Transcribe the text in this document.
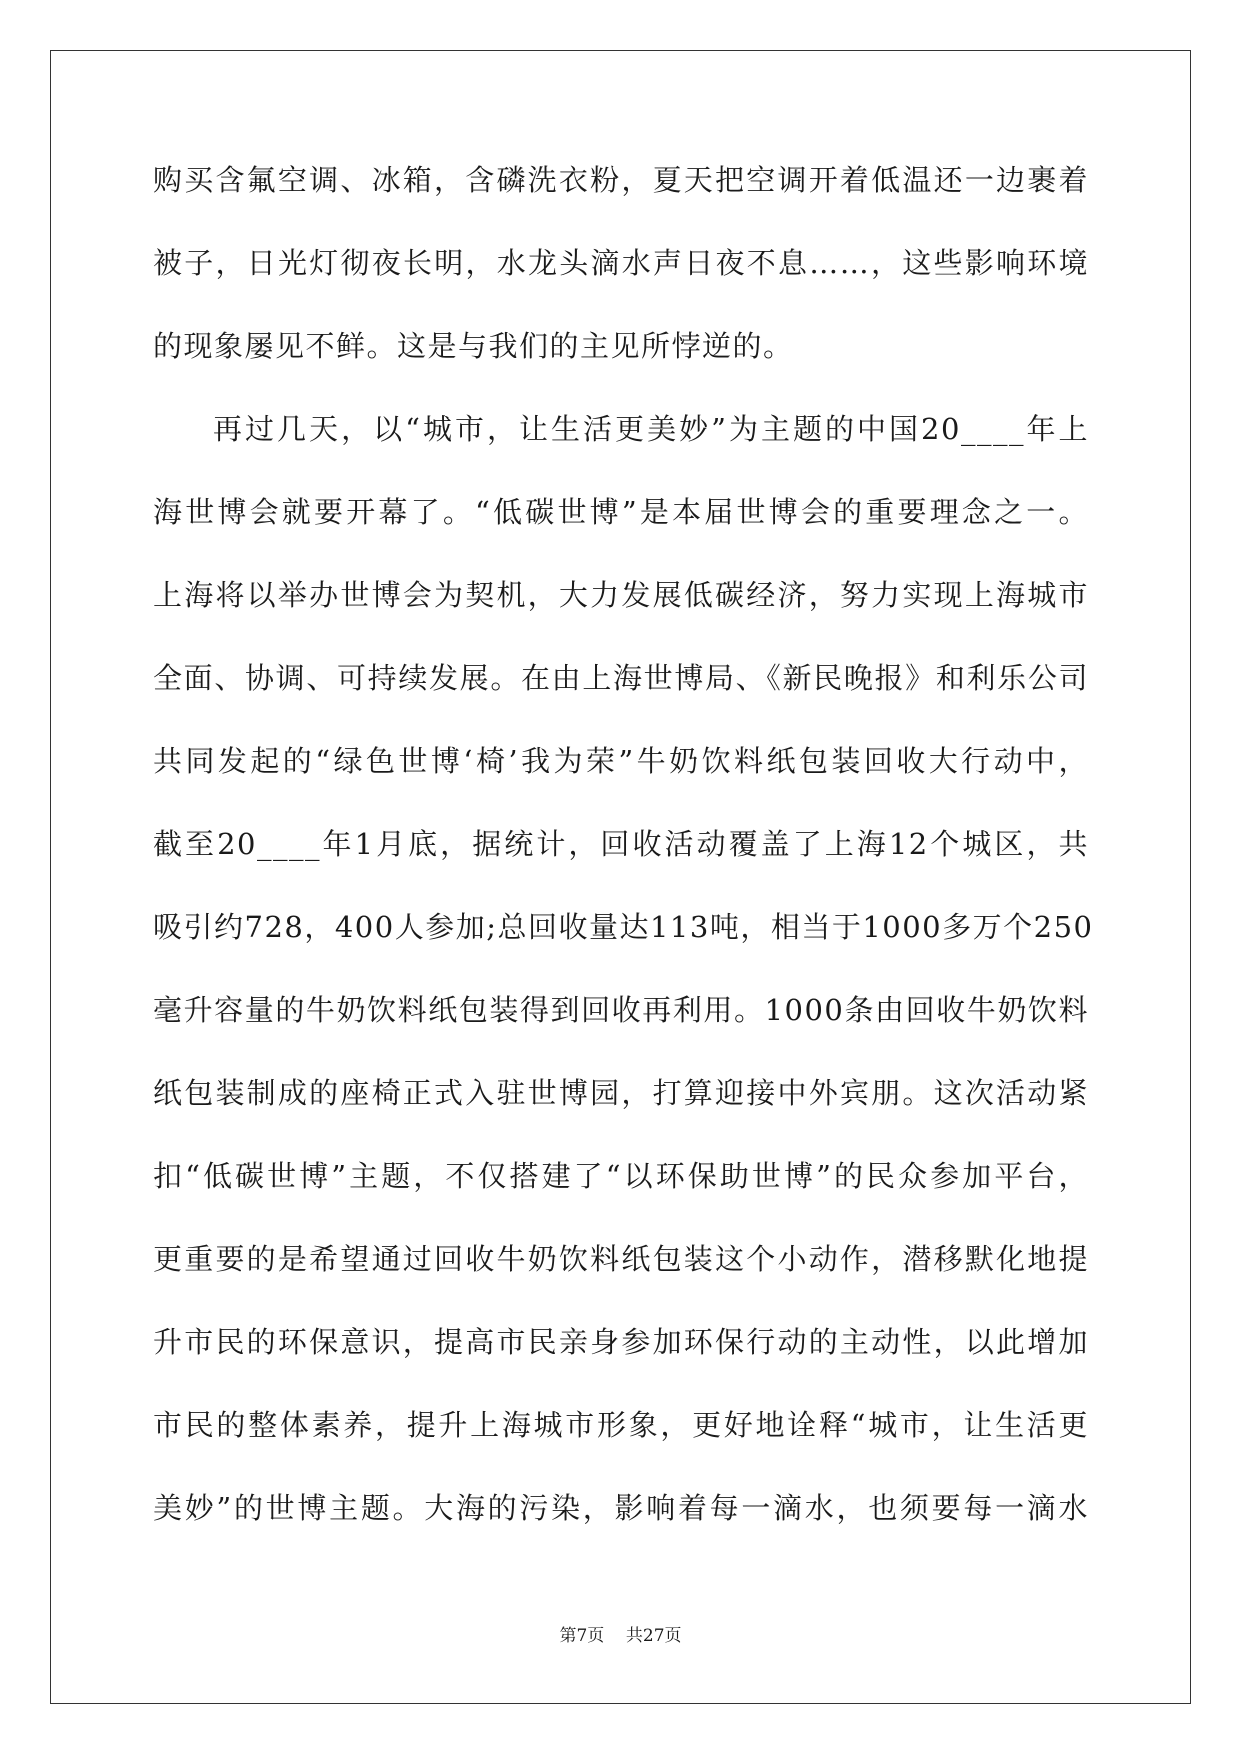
购买含氟空调、冰箱，含磷洗衣粉，夏天把空调开着低温还一边裹着
被子，日光灯彻夜长明，水龙头滴水声日夜不息……，这些影响环境
的现象屡见不鲜。这是与我们的主见所悖逆的。
再过几天，以“城市，让生活更美妙”为主题的中国20____年上
海世博会就要开幕了。“低碳世博”是本届世博会的重要理念之一。
上海将以举办世博会为契机，大力发展低碳经济，努力实现上海城市
全面、协调、可持续发展。在由上海世博局、《新民晚报》和利乐公司
共同发起的“绿色世博‘椅’我为荣”牛奶饮料纸包装回收大行动中，
截至20____年1月底，据统计，回收活动覆盖了上海12个城区，共
吸引约728，400人参加;总回收量达113吨，相当于1000多万个250
毫升容量的牛奶饮料纸包装得到回收再利用。1000条由回收牛奶饮料
纸包装制成的座椅正式入驻世博园，打算迎接中外宾朋。这次活动紧
扣“低碳世博”主题，不仅搭建了“以环保助世博”的民众参加平台，
更重要的是希望通过回收牛奶饮料纸包装这个小动作，潜移默化地提
升市民的环保意识，提高市民亲身参加环保行动的主动性，以此增加
市民的整体素养，提升上海城市形象，更好地诠释“城市，让生活更
美妙”的世博主题。大海的污染，影响着每一滴水，也须要每一滴水
第7页    共27页
